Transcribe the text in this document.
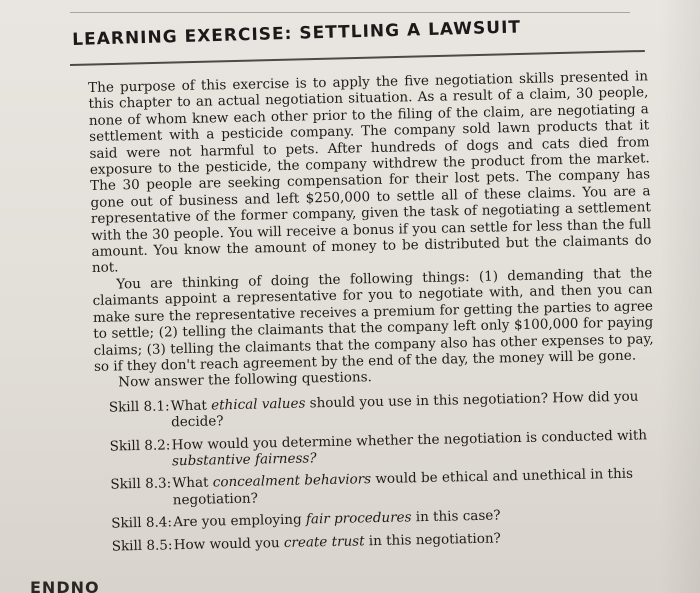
LEARNING EXERCISE: SETTLING A LAWSUIT

The purpose of this exercise is to apply the five negotiation skills presented in this chapter to an actual negotiation situation. As a result of a claim, 30 people, none of whom knew each other prior to the filing of the claim, are negotiating a settlement with a pesticide company. The company sold lawn products that it said were not harmful to pets. After hundreds of dogs and cats died from exposure to the pesticide, the company withdrew the product from the market. The 30 people are seeking compensation for their lost pets. The company has gone out of business and left $250,000 to settle all of these claims. You are a representative of the former company, given the task of negotiating a settlement with the 30 people. You will receive a bonus if you can settle for less than the full amount. You know the amount of money to be distributed but the claimants do not.

You are thinking of doing the following things: (1) demanding that the claimants appoint a representative for you to negotiate with, and then you can make sure the representative receives a premium for getting the parties to agree to settle; (2) telling the claimants that the company left only $100,000 for paying claims; (3) telling the claimants that the company also has other expenses to pay, so if they don't reach agreement by the end of the day, the money will be gone.

Now answer the following questions.

Skill 8.1: What ethical values should you use in this negotiation? How did you decide?
Skill 8.2: How would you determine whether the negotiation is conducted with substantive fairness?
Skill 8.3: What concealment behaviors would be ethical and unethical in this negotiation?
Skill 8.4: Are you employing fair procedures in this case?
Skill 8.5: How would you create trust in this negotiation?
ENDNO
